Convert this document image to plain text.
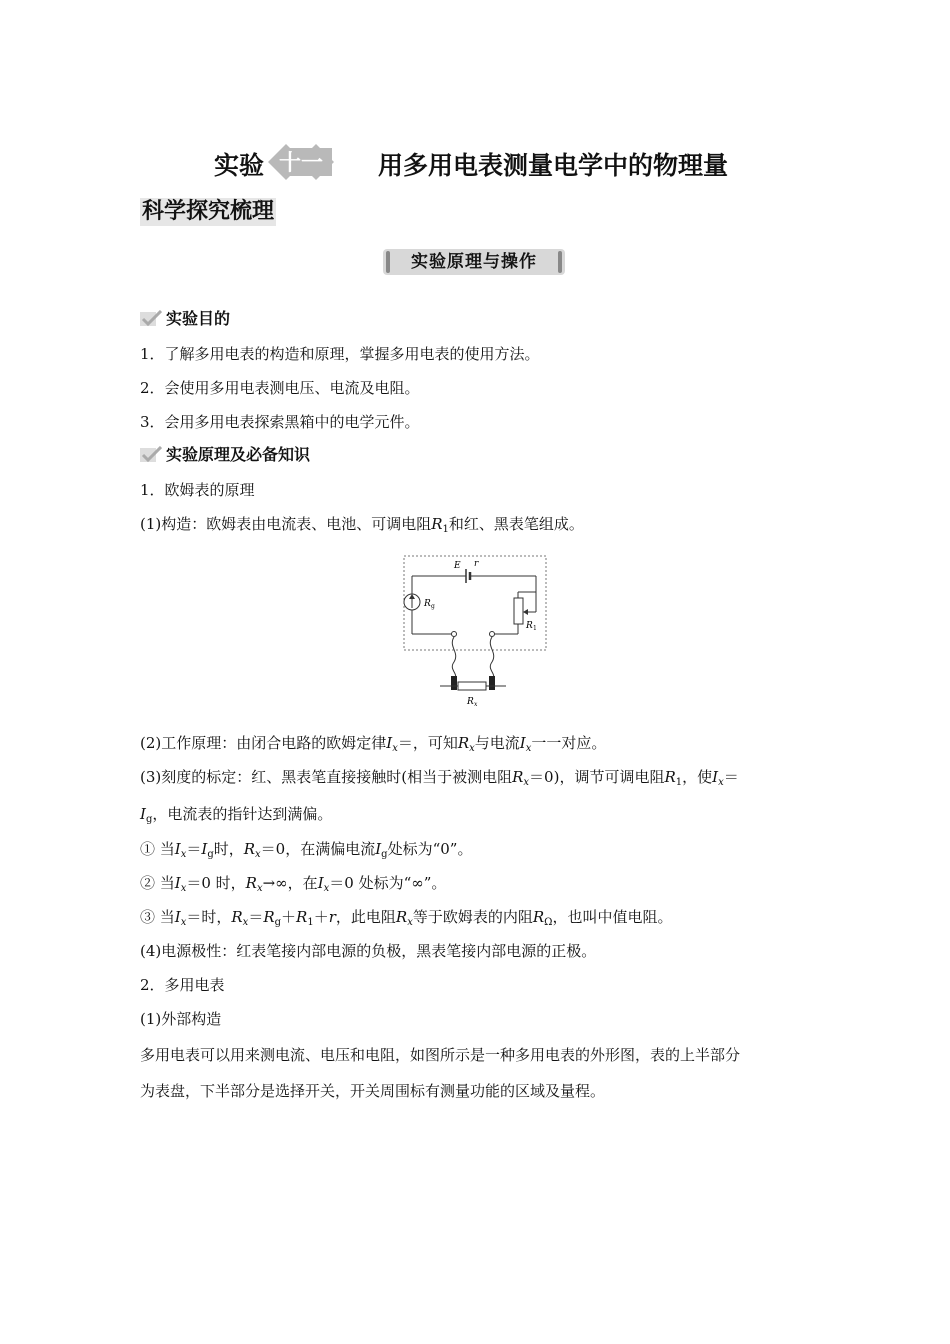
实验 十一 用多用电表测量电学中的物理量
科学探究梳理
实验原理与操作
实验目的
1．了解多用电表的构造和原理，掌握多用电表的使用方法。
2．会使用多用电表测电压、电流及电阻。
3．会用多用电表探索黑箱中的电学元件。
实验原理及必备知识
1．欧姆表的原理
(1)构造：欧姆表由电流表、电池、可调电阻$R_1$和红、黑表笔组成。
E r
R g
R 1
R x
(2)工作原理：由闭合电路的欧姆定律$I_x=$，可知$R_x$与电流$I_x$一一对应。
(3)刻度的标定：红、黑表笔直接接触时(相当于被测电阻$R_x=0$)，调节可调电阻$R_1$，使$I_x=$
$I_g$，电流表的指针达到满偏。
① 当$I_x=I_g$时，$R_x=0$，在满偏电流$I_g$处标为“0”。
② 当$I_x=0$ 时，$R_x\to\infty$，在$I_x=0$ 处标为“∞”。
③ 当$I_x=$时，$R_x=R_g+R_1+r$，此电阻$R_x$等于欧姆表的内阻$R_\Omega$，也叫中值电阻。
(4)电源极性：红表笔接内部电源的负极，黑表笔接内部电源的正极。
2．多用电表
(1)外部构造
多用电表可以用来测电流、电压和电阻，如图所示是一种多用电表的外形图，表的上半部分
为表盘，下半部分是选择开关，开关周围标有测量功能的区域及量程。
